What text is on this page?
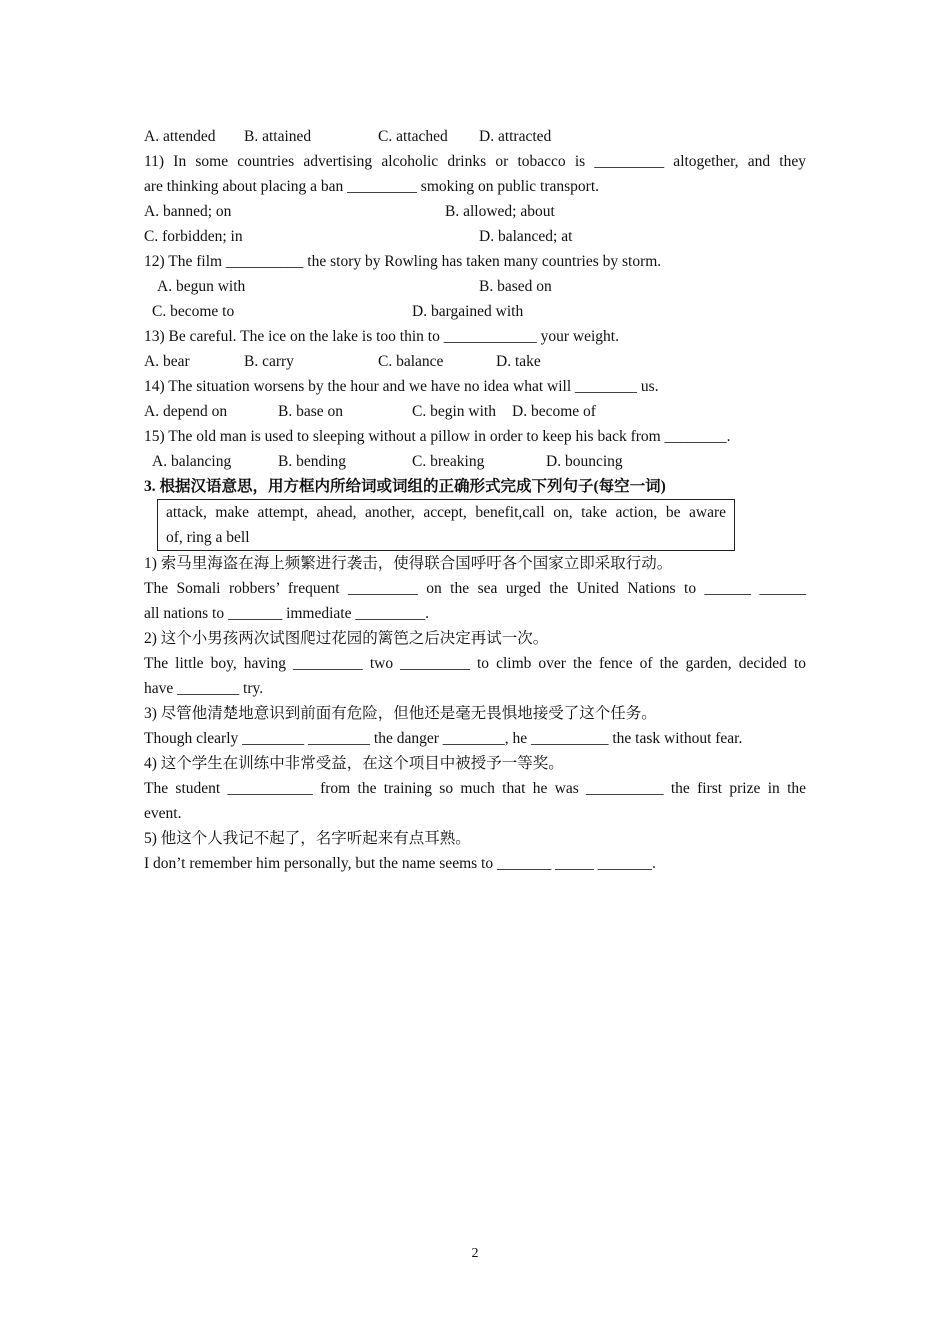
A. attended

B. attained

	C. attached

D. attracted

11) In some countries advertising alcoholic drinks or tobacco is _________ altogether, and they
are thinking about placing a ban _________ smoking on public transport.

A. banned; on

	B. allowed; about

C. forbidden; in

	D. balanced; at

12) The film __________ the story by Rowling has taken many countries by storm.

A. begun with

	B. based on

C. become to

	D. bargained with

13) Be careful. The ice on the lake is too thin to ____________ your weight.

A. bear

	B. carry

	C. balance

	D. take

14) The situation worsens by the hour and we have no idea what will ________ us.

A. depend on

	B. base on

	C. begin with

D. become of

15) The old man is used to sleeping without a pillow in order to keep his back from ________.

A. balancing

	B. bending

	C. breaking

	D. bouncing

3. 根据汉语意思，用方框内所给词或词组的正确形式完成下列句子(每空一词)
attack, make attempt, ahead, another, accept, benefit,call on, take action, be aware
of, ring a bell
1) 索马里海盗在海上频繁进行袭击，使得联合国呼吁各个国家立即采取行动。
The Somali robbers’ frequent _________ on the sea urged the United Nations to ______ ______
all nations to _______ immediate _________.
2) 这个小男孩两次试图爬过花园的篱笆之后决定再试一次。
The little boy, having _________ two _________ to climb over the fence of the garden, decided to
have ________ try.
3) 尽管他清楚地意识到前面有危险，但他还是毫无畏惧地接受了这个任务。
Though clearly ________ ________ the danger ________, he __________ the task without fear.
4) 这个学生在训练中非常受益，在这个项目中被授予一等奖。
The student ___________ from the training so much that he was __________ the first prize in the
event.
5) 他这个人我记不起了，名字听起来有点耳熟。
I don’t remember him personally, but the name seems to _______ _____ _______.
2
